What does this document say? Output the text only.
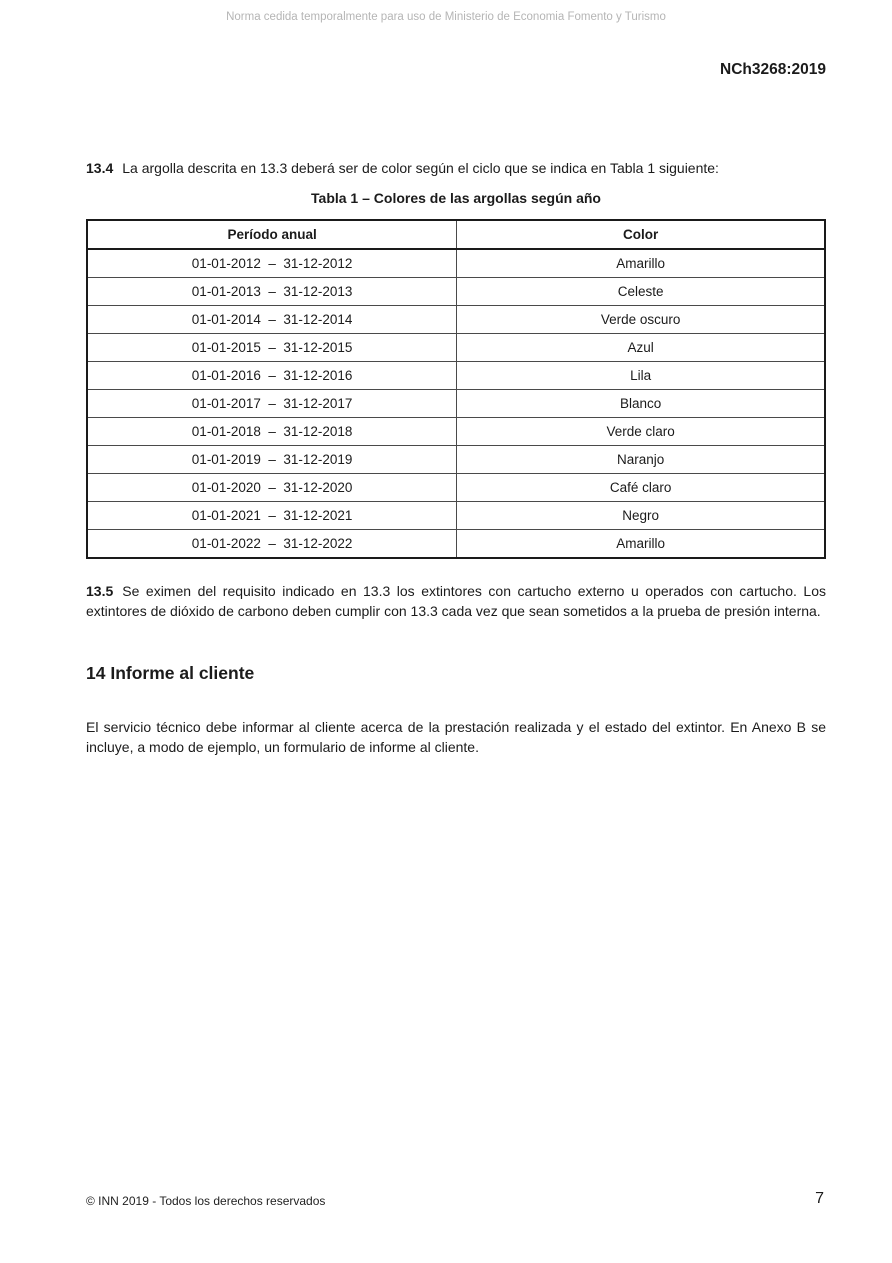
Norma cedida temporalmente para uso de Ministerio de Economia Fomento y Turismo
NCh3268:2019

13.4 La argolla descrita en 13.3 deberá ser de color según el ciclo que se indica en Tabla 1 siguiente:

Tabla 1 – Colores de las argollas según año
Período anual	Color
01-01-2012  –  31-12-2012	Amarillo
01-01-2013  –  31-12-2013	Celeste
01-01-2014  –  31-12-2014	Verde oscuro
01-01-2015  –  31-12-2015	Azul
01-01-2016  –  31-12-2016	Lila
01-01-2017  –  31-12-2017	Blanco
01-01-2018  –  31-12-2018	Verde claro
01-01-2019  –  31-12-2019	Naranjo
01-01-2020  –  31-12-2020	Café claro
01-01-2021  –  31-12-2021	Negro
01-01-2022  –  31-12-2022	Amarillo

13.5 Se eximen del requisito indicado en 13.3 los extintores con cartucho externo u operados con cartucho. Los extintores de dióxido de carbono deben cumplir con 13.3 cada vez que sean sometidos a la prueba de presión interna.

14 Informe al cliente

El servicio técnico debe informar al cliente acerca de la prestación realizada y el estado del extintor. En Anexo B se incluye, a modo de ejemplo, un formulario de informe al cliente.

© INN 2019 - Todos los derechos reservados	7
